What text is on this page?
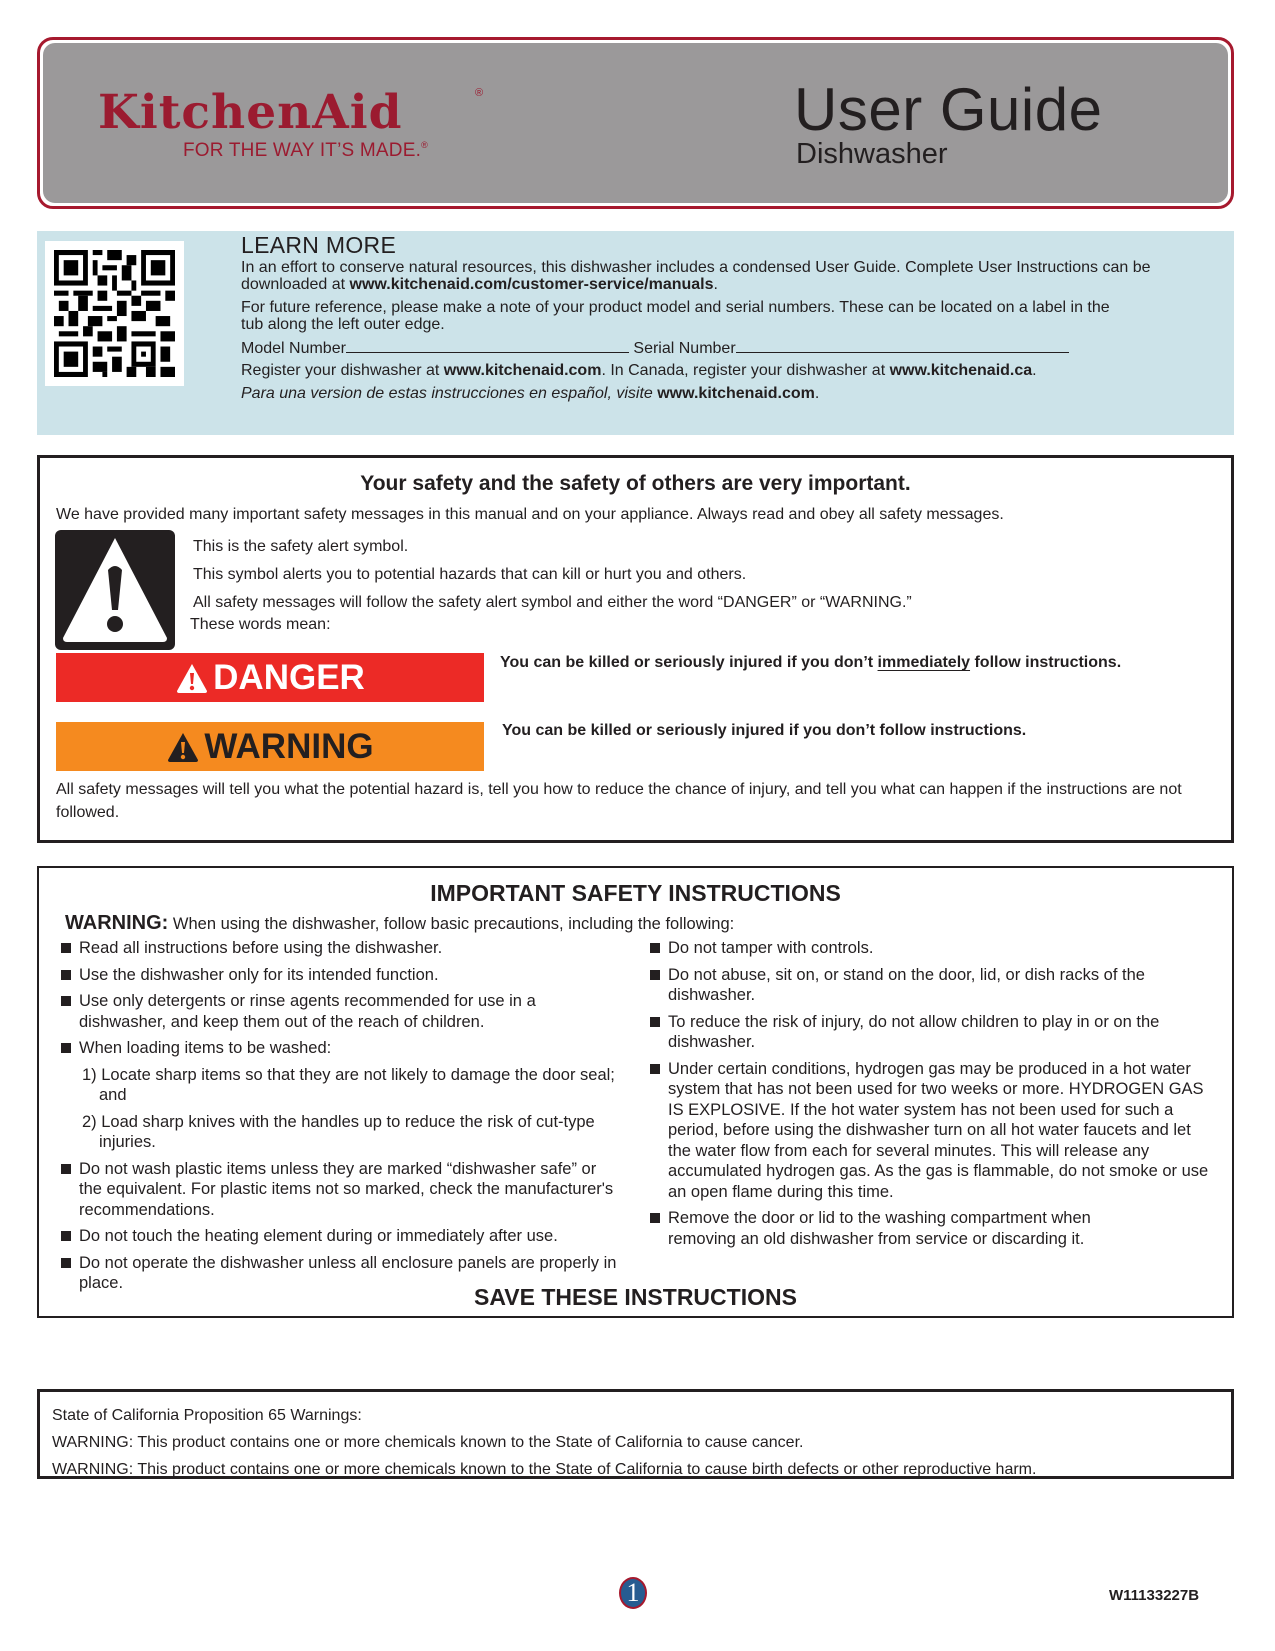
KitchenAid	®
FOR THE WAY IT’S MADE.®
User Guide
Dishwasher
LEARN MORE

In an effort to conserve natural resources, this dishwasher includes a condensed User Guide. Complete User Instructions can be downloaded at www.kitchenaid.com/customer-service/manuals.

For future reference, please make a note of your product model and serial numbers. These can be located on a label in the tub along the left outer edge.

Model Number	Serial Number

Register your dishwasher at www.kitchenaid.com. In Canada, register your dishwasher at www.kitchenaid.ca.

Para una version de estas instrucciones en español, visite www.kitchenaid.com.

Your safety and the safety of others are very important.
We have provided many important safety messages in this manual and on your appliance. Always read and obey all safety messages.
This is the safety alert symbol.
This symbol alerts you to potential hazards that can kill or hurt you and others.
All safety messages will follow the safety alert symbol and either the word “DANGER” or “WARNING.”
These words mean:
DANGER	You can be killed or seriously injured if you don’t immediately follow instructions.
WARNING	You can be killed or seriously injured if you don’t follow instructions.
All safety messages will tell you what the potential hazard is, tell you how to reduce the chance of injury, and tell you what can happen if the instructions are not followed.
IMPORTANT SAFETY INSTRUCTIONS
WARNING: When using the dishwasher, follow basic precautions, including the following:
Read all instructions before using the dishwasher.
Use the dishwasher only for its intended function.
Use only detergents or rinse agents recommended for use in a dishwasher, and keep them out of the reach of children.
When loading items to be washed:
1) Locate sharp items so that they are not likely to damage the door seal; and
2) Load sharp knives with the handles up to reduce the risk of cut-type injuries.
Do not wash plastic items unless they are marked “dishwasher safe” or the equivalent. For plastic items not so marked, check the manufacturer's recommendations.
Do not touch the heating element during or immediately after use.
Do not operate the dishwasher unless all enclosure panels are properly in place.
Do not tamper with controls.
Do not abuse, sit on, or stand on the door, lid, or dish racks of the dishwasher.
To reduce the risk of injury, do not allow children to play in or on the dishwasher.
Under certain conditions, hydrogen gas may be produced in a hot water system that has not been used for two weeks or more. HYDROGEN GAS IS EXPLOSIVE. If the hot water system has not been used for such a period, before using the dishwasher turn on all hot water faucets and let the water flow from each for several minutes. This will release any accumulated hydrogen gas. As the gas is flammable, do not smoke or use an open flame during this time.
Remove the door or lid to the washing compartment when removing an old dishwasher from service or discarding it.
SAVE THESE INSTRUCTIONS
State of California Proposition 65 Warnings:
WARNING: This product contains one or more chemicals known to the State of California to cause cancer.
WARNING: This product contains one or more chemicals known to the State of California to cause birth defects or other reproductive harm.
1	W11133227B
